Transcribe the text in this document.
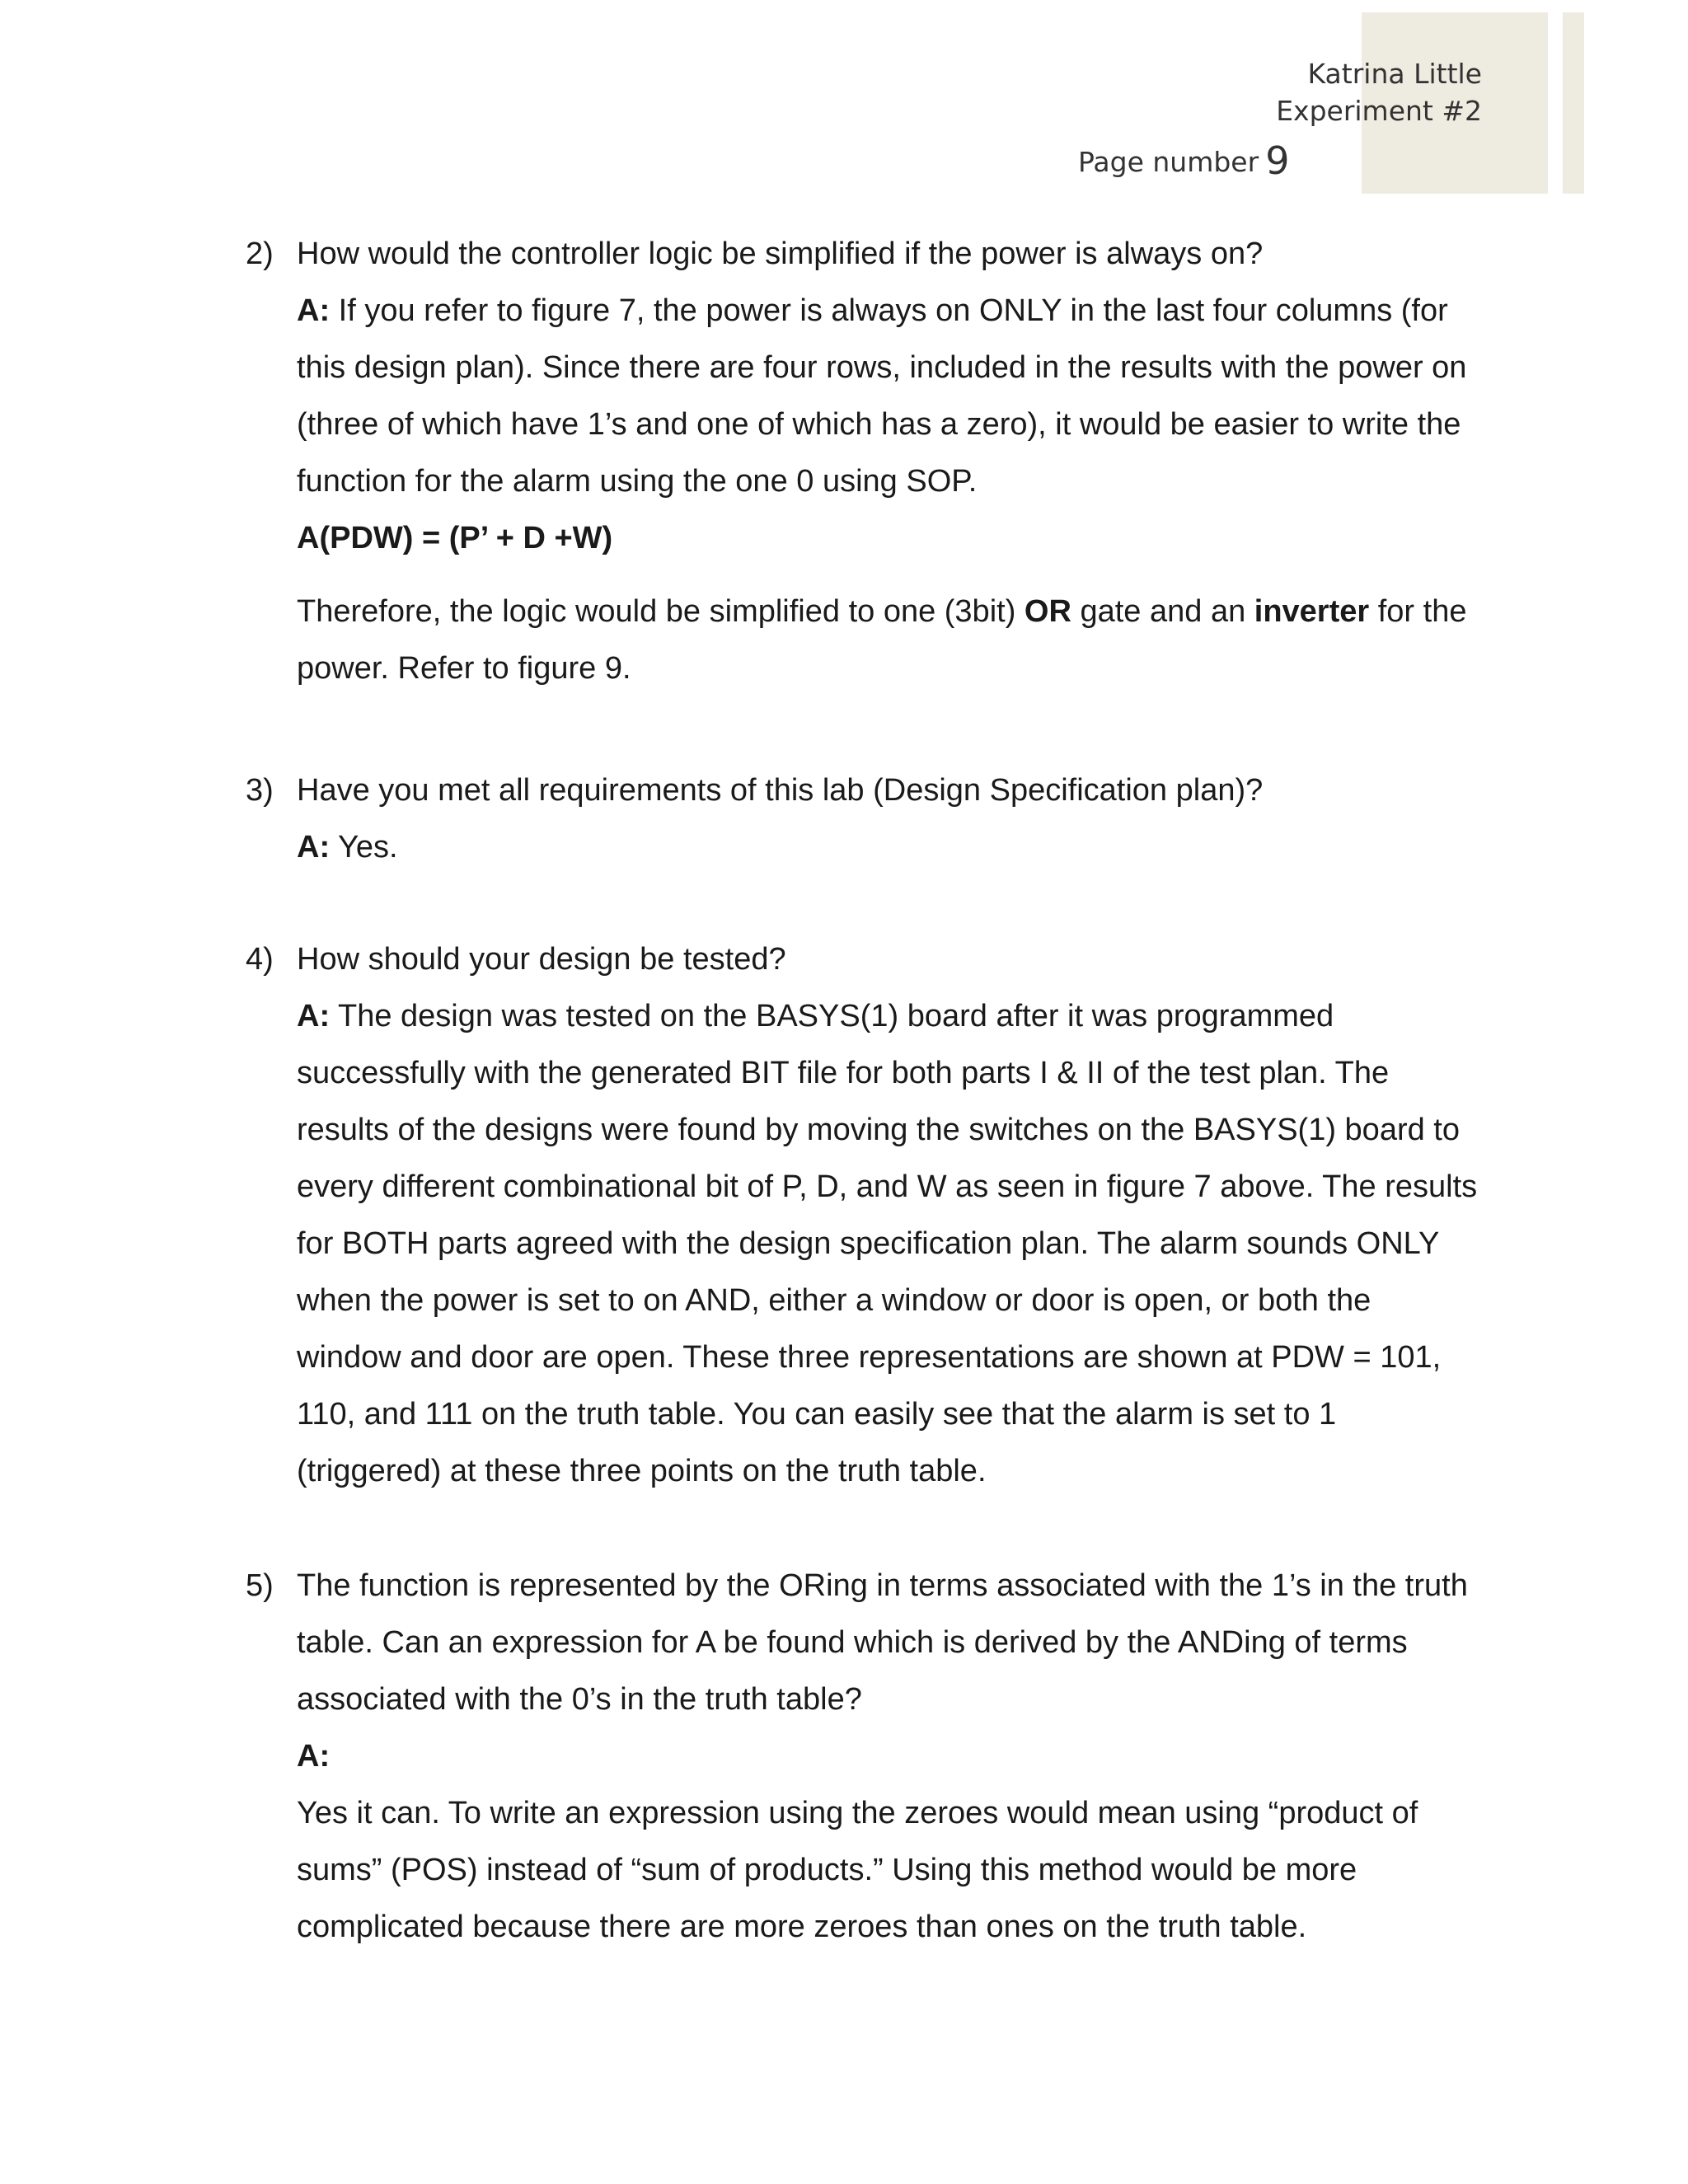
Katrina Little
Experiment #2
Page number 9
2) How would the controller logic be simplified if the power is always on?
A: If you refer to figure 7, the power is always on ONLY in the last four columns (for this design plan). Since there are four rows, included in the results with the power on (three of which have 1’s and one of which has a zero), it would be easier to write the function for the alarm using the one 0 using SOP.
A(PDW) = (P’ + D +W)
Therefore, the logic would be simplified to one (3bit) OR gate and an inverter for the power. Refer to figure 9.
3) Have you met all requirements of this lab (Design Specification plan)?
A: Yes.
4) How should your design be tested?
A: The design was tested on the BASYS(1) board after it was programmed successfully with the generated BIT file for both parts I & II of the test plan. The results of the designs were found by moving the switches on the BASYS(1) board to every different combinational bit of P, D, and W as seen in figure 7 above. The results for BOTH parts agreed with the design specification plan. The alarm sounds ONLY when the power is set to on AND, either a window or door is open, or both the window and door are open. These three representations are shown at PDW = 101, 110, and 111 on the truth table. You can easily see that the alarm is set to 1 (triggered) at these three points on the truth table.
5) The function is represented by the ORing in terms associated with the 1’s in the truth table. Can an expression for A be found which is derived by the ANDing of terms associated with the 0’s in the truth table?
A:
Yes it can. To write an expression using the zeroes would mean using “product of sums” (POS) instead of “sum of products.” Using this method would be more complicated because there are more zeroes than ones on the truth table.
